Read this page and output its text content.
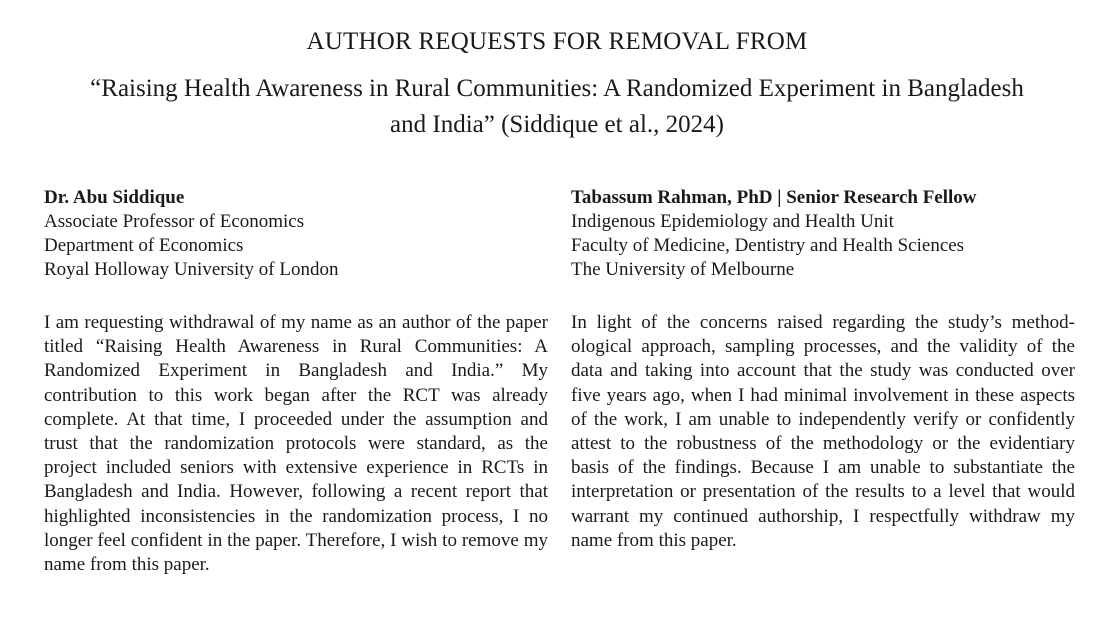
AUTHOR REQUESTS FOR REMOVAL FROM

“Raising Health Awareness in Rural Communities: A Randomized Experiment in Bangladesh and India” (Siddique et al., 2024)

Dr. Abu Siddique
Associate Professor of Economics
Department of Economics
Royal Holloway University of London

I am requesting withdrawal of my name as an author of the paper titled “Raising Health Awareness in Rural Communities: A Randomized Experiment in Bangladesh and India.” My contribution to this work began after the RCT was already complete. At that time, I proceeded under the assumption and trust that the randomization protocols were standard, as the project included seniors with extensive experience in RCTs in Bangladesh and India. However, following a recent report that highlighted inconsistencies in the randomization process, I no longer feel confident in the paper. Therefore, I wish to remove my name from this paper.

Tabassum Rahman, PhD | Senior Research Fellow
Indigenous Epidemiology and Health Unit
Faculty of Medicine, Dentistry and Health Sciences
The University of Melbourne

In light of the concerns raised regarding the study’s methodological approach, sampling processes, and the validity of the data and taking into account that the study was conducted over five years ago, when I had minimal involvement in these aspects of the work, I am unable to independently verify or confidently attest to the robustness of the methodology or the evidentiary basis of the findings. Because I am unable to substantiate the interpretation or presentation of the results to a level that would warrant my continued authorship, I respectfully withdraw my name from this paper.
